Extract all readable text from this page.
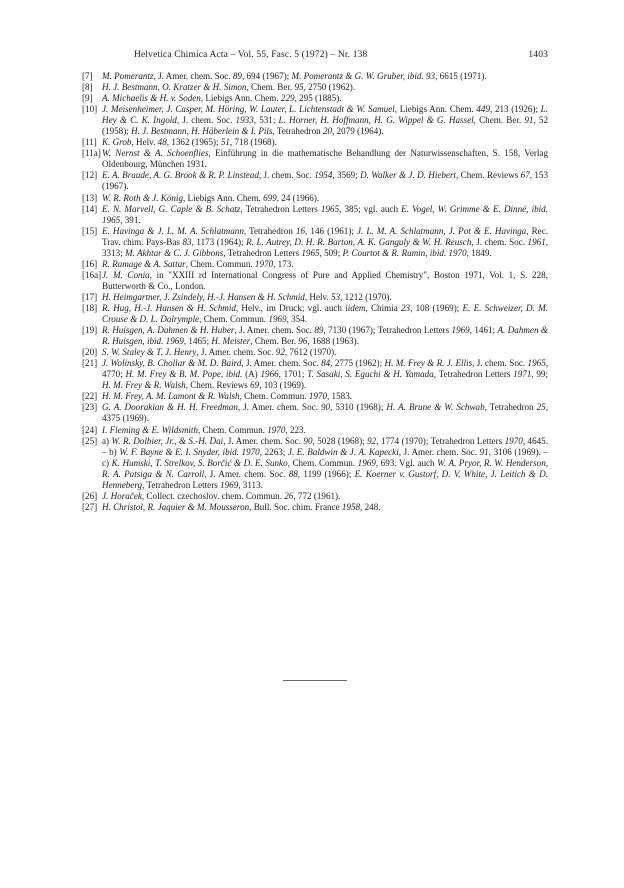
Helvetica Chimica Acta – Vol. 55, Fasc. 5 (1972) – Nr. 138	1403
[7] M. Pomerantz, J. Amer. chem. Soc. 89, 694 (1967); M. Pomerantz & G. W. Gruber, ibid. 93, 6615 (1971).
[8] H. J. Bestmann, O. Kratzer & H. Simon, Chem. Ber. 95, 2750 (1962).
[9] A. Michaelis & H. v. Soden, Liebigs Ann. Chem. 229, 295 (1885).
[10] J. Meisenheimer, J. Casper, M. Höring, W. Lauter, L. Lichtenstadt & W. Samuel, Liebigs Ann. Chem. 449, 213 (1926); L. Hey & C. K. Ingold, J. chem. Soc. 1933, 531; L. Horner, H. Hoffmann, H. G. Wippel & G. Hassel, Chem. Ber. 91, 52 (1958); H. J. Bestmann, H. Häberlein & I. Pils, Tetrahedron 20, 2079 (1964).
[11] K. Grob, Helv. 48, 1362 (1965); 51, 718 (1968).
[11a] W. Nernst & A. Schoenflies, Einführung in die mathematische Behandlung der Naturwissenschaften, S. 158, Verlag Oldenbourg, München 1931.
[12] E. A. Braude, A. G. Brook & R. P. Linstead, J. chem. Soc. 1954, 3569; D. Walker & J. D. Hiebert, Chem. Reviews 67, 153 (1967).
[13] W. R. Roth & J. König, Liebigs Ann. Chem. 699, 24 (1966).
[14] E. N. Marvell, G. Caple & B. Schatz, Tetrahedron Letters 1965, 385; vgl. auch E. Vogel, W. Grimme & E. Dinné, ibid. 1965, 391.
[15] E. Havinga & J. L. M. A. Schlatmann, Tetrahedron 16, 146 (1961); J. L. M. A. Schlatmann, J. Pot & E. Havinga, Rec. Trav. chim. Pays-Bas 83, 1173 (1964); R. L. Autrey, D. H. R. Barton, A. K. Ganguly & W. H. Reusch, J. chem. Soc. 1961, 3313; M. Akhtar & C. J. Gibbons, Tetrahedron Letters 1965, 509; P. Courtot & R. Rumin, ibid. 1970, 1849.
[16] R. Ramage & A. Sattar, Chem. Commun. 1970, 173.
[16a] J. M. Conia, in "XXIII rd International Congress of Pure and Applied Chemistry", Boston 1971, Vol. 1, S. 228, Butterworth & Co., London.
[17] H. Heimgartner, J. Zsindely, H.-J. Hansen & H. Schmid, Helv. 53, 1212 (1970).
[18] R. Hug, H.-J. Hansen & H. Schmid, Helv., im Druck; vgl. auch iidem, Chimia 23, 108 (1969); E. E. Schweizer, D. M. Crouse & D. L. Dalrymple, Chem. Commun. 1969, 354.
[19] R. Huisgen, A. Dahmen & H. Huber, J. Amer. chem. Soc. 89, 7130 (1967); Tetrahedron Letters 1969, 1461; A. Dahmen & R. Huisgen, ibid. 1969, 1465; H. Meister, Chem. Ber. 96, 1688 (1963).
[20] S. W. Staley & T. J. Henry, J. Amer. chem. Soc. 92, 7612 (1970).
[21] J. Wolinsky, B. Chollar & M. D. Baird, J. Amer. chem. Soc. 84, 2775 (1962); H. M. Frey & R. J. Ellis, J. chem. Soc. 1965, 4770; H. M. Frey & B. M. Pope, ibid. (A) 1966, 1701; T. Sasaki, S. Eguchi & H. Yamada, Tetrahedron Letters 1971, 99; H. M. Frey & R. Walsh, Chem. Reviews 69, 103 (1969).
[22] H. M. Frey, A. M. Lamont & R. Walsh, Chem. Commun. 1970, 1583.
[23] G. A. Doorakian & H. H. Freedman, J. Amer. chem. Soc. 90, 5310 (1968); H. A. Brune & W. Schwab, Tetrahedron 25, 4375 (1969).
[24] I. Fleming & E. Wildsmith, Chem. Commun. 1970, 223.
[25] a) W. R. Dolbier, Jr., & S.-H. Dai, J. Amer. chem. Soc. 90, 5028 (1968); 92, 1774 (1970); Tetrahedron Letters 1970, 4645. – b) W. F. Bayne & E. I. Snyder, ibid. 1970, 2263; J. E. Baldwin & J. A. Kapecki, J. Amer. chem. Soc. 91, 3106 (1969). – c) K. Humski, T. Strelkov, S. Borčić & D. E. Sunko, Chem. Commun. 1969, 693. Vgl. auch W. A. Pryor, R. W. Henderson, R. A. Patsiga & N. Carroll, J. Amer. chem. Soc. 88, 1199 (1966); E. Koerner v. Gustorf, D. V. White, J. Leitich & D. Henneberg, Tetrahedron Letters 1969, 3113.
[26] J. Horaček, Collect. czechoslov. chem. Commun. 26, 772 (1961).
[27] H. Christol, R. Jaquier & M. Mousseron, Bull. Soc. chim. France 1958, 248.
